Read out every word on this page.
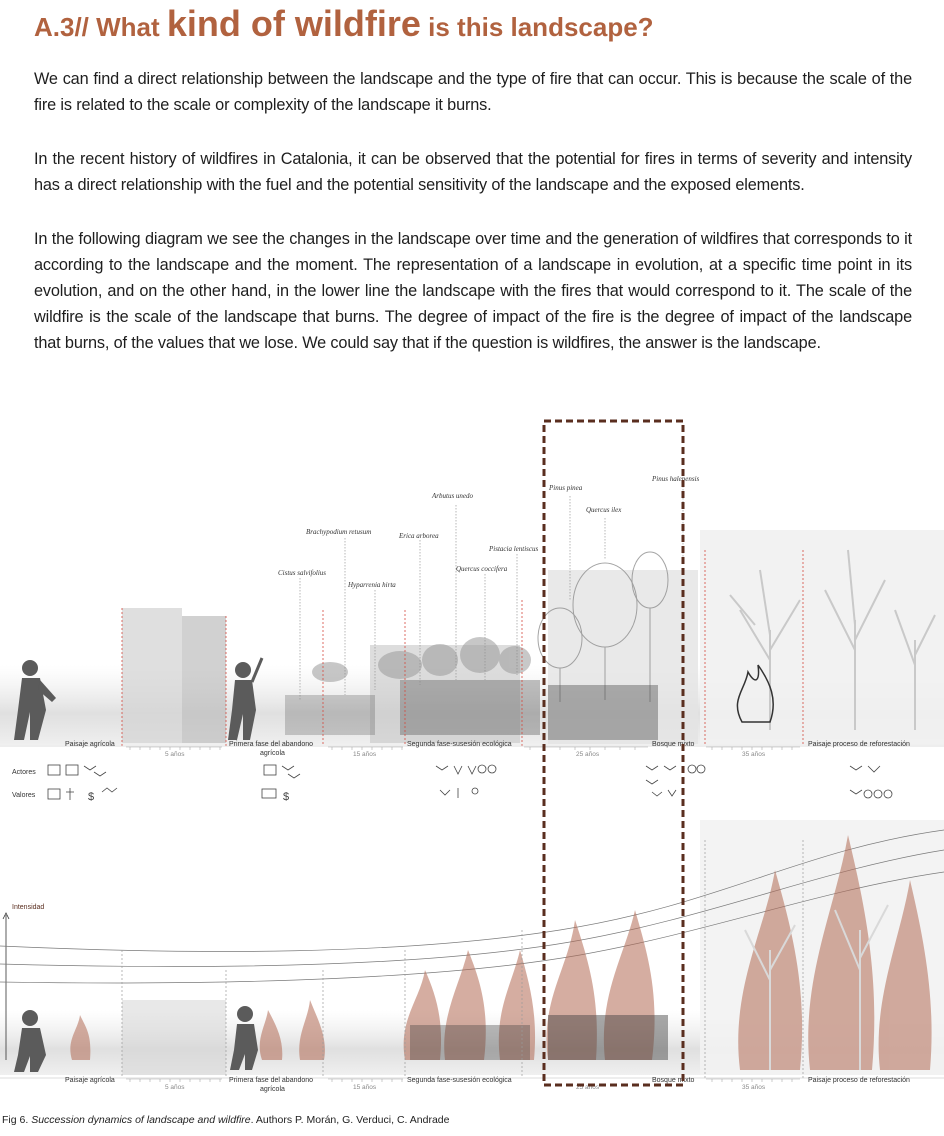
A.3// What kind of wildfire is this landscape?

We can find a direct relationship between the landscape and the type of fire that can occur. This is because the scale of the fire is related to the scale or complexity of the landscape it burns.

In the recent history of wildfires in Catalonia, it can be observed that the potential for fires in terms of severity and intensity has a direct relationship with the fuel and the potential sensitivity of the landscape and the exposed elements.

In the following diagram we see the changes in the landscape over time and the generation of wildfires that corresponds to it according to the landscape and the moment. The representation of a landscape in evolution, at a specific time point in its evolution, and on the other hand, in the lower line the landscape with the fires that would correspond to it. The scale of the wildfire is the scale of the landscape that burns. The degree of impact of the fire is the degree of impact of the landscape that burns, of the values that we lose. We could say that if the question is wildfires, the answer is the landscape.

Cistus salvifolius
Brachypodium retusum
Hyparrenia hirta
Erica arborea
Arbutus unedo
Quercus coccifera
Pistacia lentiscus
Pinus pinea
Quercus ilex
Pinus halepensis
Paisaje agrícola	Primera fase del abandono
agrícola
Segunda fase-susesión ecológica	Bosque mixto	Paisaje proceso de reforestación
5 años	15 años	25 años	35 años
Actores
Valores	$	$
Intensidad
Paisaje agrícola	Primera fase del abandono
agrícola
Segunda fase-susesión ecológica	Bosque mixto	Paisaje proceso de reforestación
5 años	15 años	25 años	35 años
Fig 6. Succession dynamics of landscape and wildfire. Authors P. Morán, G. Verduci, C. Andrade
